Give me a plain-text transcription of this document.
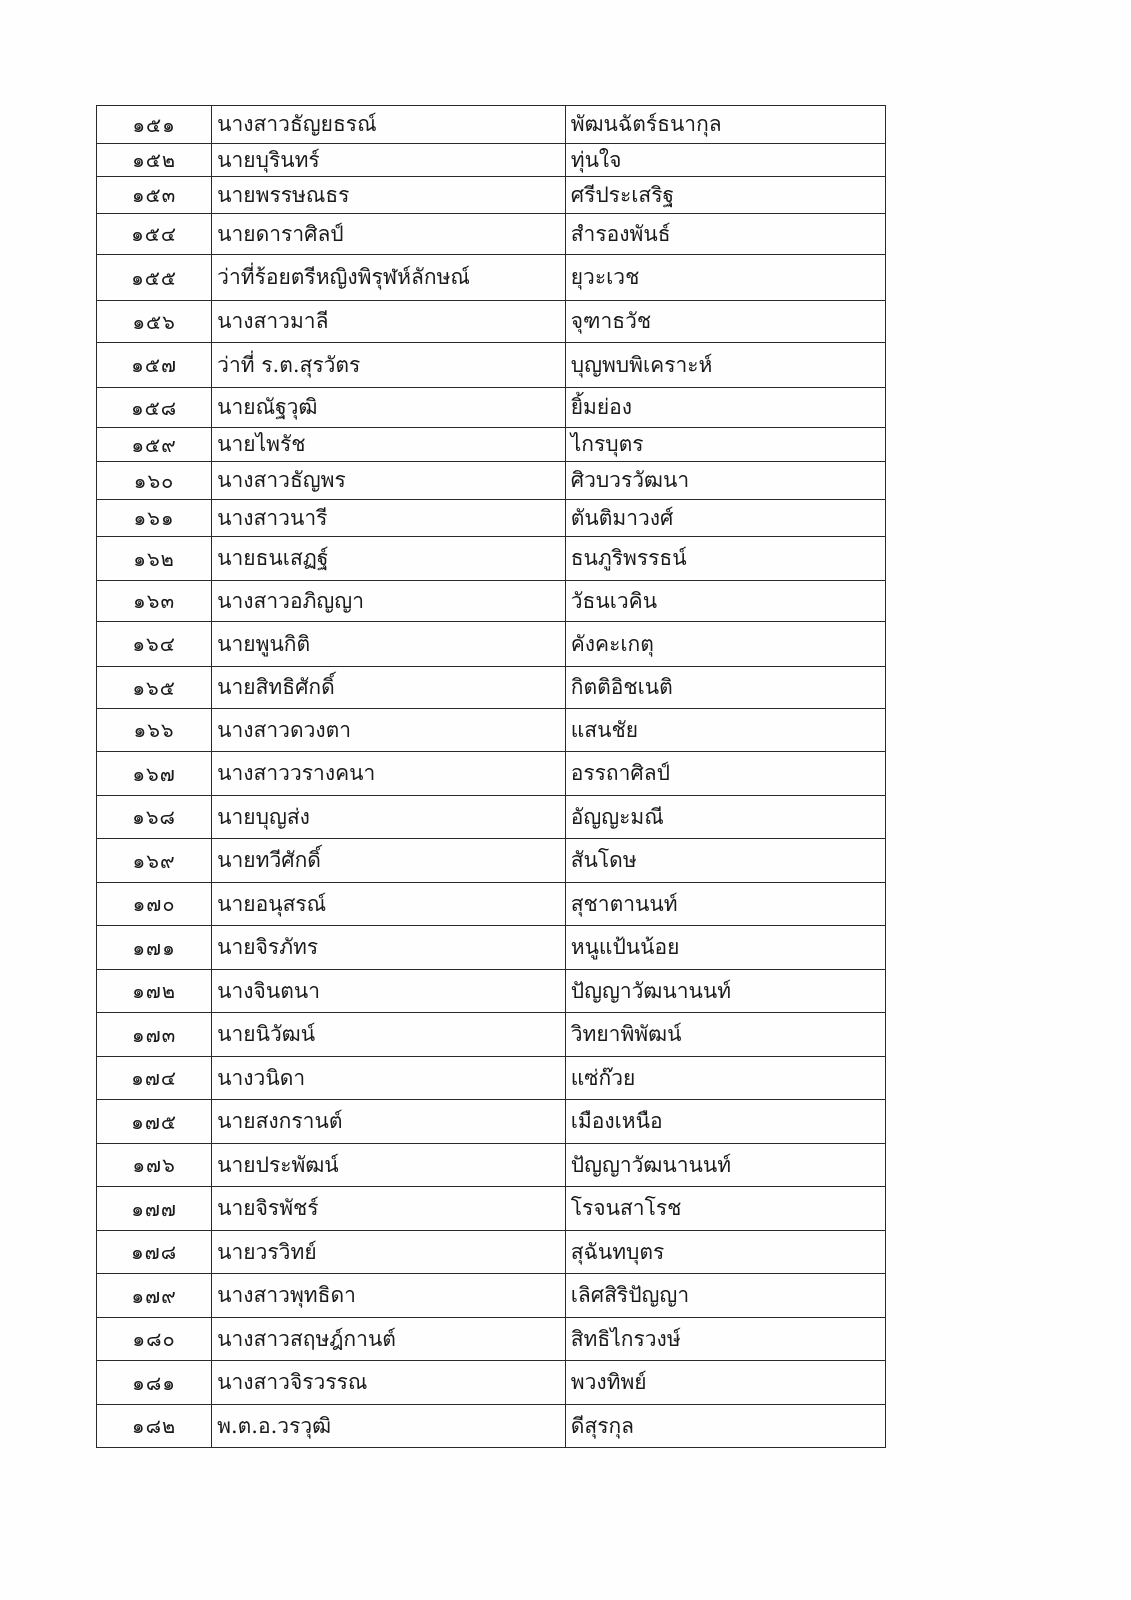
๑๕๑	นางสาวธัญยธรณ์	พัฒนฉัตร์ธนากุล
๑๕๒	นายบุรินทร์	ทุ่นใจ
๑๕๓	นายพรรษณธร	ศรีประเสริฐ
๑๕๔	นายดาราศิลป์	สำรองพันธ์
๑๕๕	ว่าที่ร้อยตรีหญิงพิรุฬห์ลักษณ์	ยุวะเวช
๑๕๖	นางสาวมาลี	จุฑาธวัช
๑๕๗	ว่าที่ ร.ต.สุรวัตร	บุญพบพิเคราะห์
๑๕๘	นายณัฐวุฒิ	ยิ้มย่อง
๑๕๙	นายไพรัช	ไกรบุตร
๑๖๐	นางสาวธัญพร	ศิวบวรวัฒนา
๑๖๑	นางสาวนารี	ตันติมาวงศ์
๑๖๒	นายธนเสฏฐ์	ธนภูริพรรธน์
๑๖๓	นางสาวอภิญญา	วัธนเวคิน
๑๖๔	นายพูนกิติ	คังคะเกตุ
๑๖๕	นายสิทธิศักดิ์	กิตติอิชเนติ
๑๖๖	นางสาวดวงตา	แสนชัย
๑๖๗	นางสาววรางคนา	อรรถาศิลป์
๑๖๘	นายบุญส่ง	อัญญะมณี
๑๖๙	นายทวีศักดิ์	สันโดษ
๑๗๐	นายอนุสรณ์	สุชาตานนท์
๑๗๑	นายจิรภัทร	หนูแป้นน้อย
๑๗๒	นางจินตนา	ปัญญาวัฒนานนท์
๑๗๓	นายนิวัฒน์	วิทยาพิพัฒน์
๑๗๔	นางวนิดา	แซ่ก๊วย
๑๗๕	นายสงกรานต์	เมืองเหนือ
๑๗๖	นายประพัฒน์	ปัญญาวัฒนานนท์
๑๗๗	นายจิรพัชร์	โรจนสาโรช
๑๗๘	นายวรวิทย์	สุฉันทบุตร
๑๗๙	นางสาวพุทธิดา	เลิศสิริปัญญา
๑๘๐	นางสาวสฤษฎ์กานต์	สิทธิไกรวงษ์
๑๘๑	นางสาวจิรวรรณ	พวงทิพย์
๑๘๒	พ.ต.อ.วรวุฒิ	ดีสุรกุล
